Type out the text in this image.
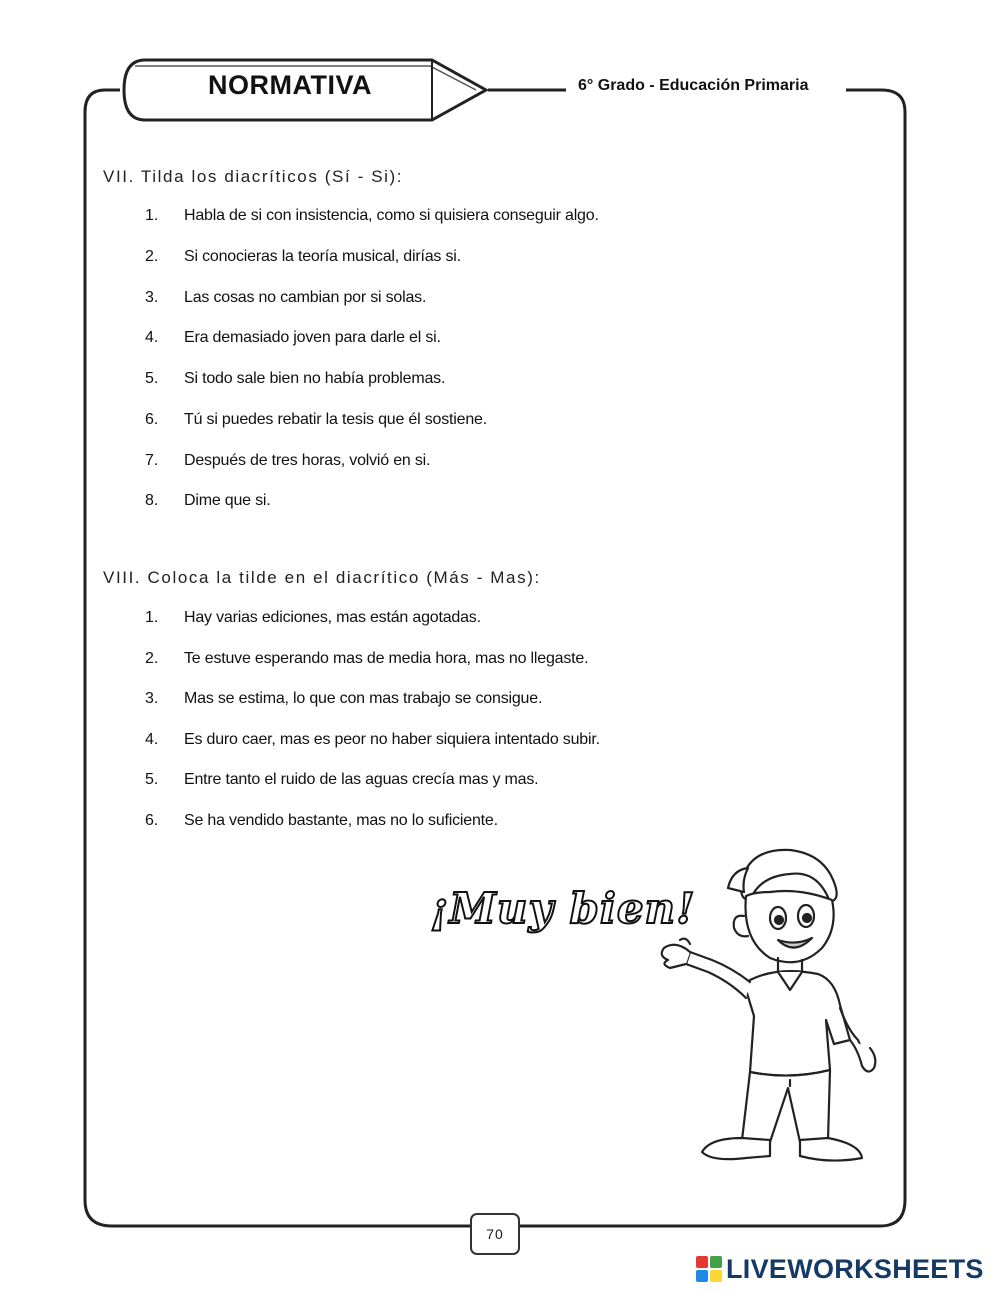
NORMATIVA	6° Grado - Educación Primaria
VII. Tilda los diacríticos (Sí - Si):
1. Habla de si con insistencia, como si quisiera conseguir algo.
2. Si conocieras la teoría musical, dirías si.
3. Las cosas no cambian por si solas.
4. Era demasiado joven para darle el si.
5. Si todo sale bien no había problemas.
6. Tú si puedes rebatir la tesis que él sostiene.
7. Después de tres horas, volvió en si.
8. Dime que si.
VIII. Coloca la tilde en el diacrítico (Más - Mas):
1. Hay varias ediciones, mas están agotadas.
2. Te estuve esperando mas de media hora, mas no llegaste.
3. Mas se estima, lo que con mas trabajo se consigue.
4. Es duro caer, mas es peor no haber siquiera intentado subir.
5. Entre tanto el ruido de las aguas crecía mas y mas.
6. Se ha vendido bastante, mas no lo suficiente.
¡Muy bien!
70
LIVEWORKSHEETS
